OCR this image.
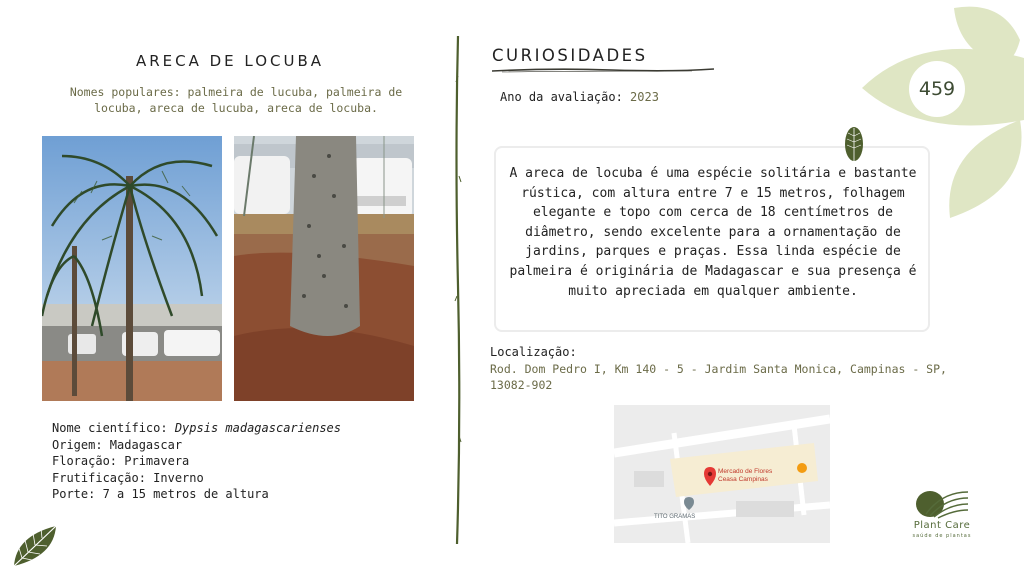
ARECA DE LOCUBA
Nomes populares: palmeira de lucuba, palmeira de locuba, areca de lucuba, areca de locuba.
Nome científico: Dypsis madagascarienses
Origem: Madagascar
Floração: Primavera
Frutificação: Inverno
Porte: 7 a 15 metros de altura
CURIOSIDADES
Ano da avaliação: 2023
A areca de locuba é uma espécie solitária e bastante rústica, com altura entre 7 e 15 metros, folhagem elegante e topo com cerca de 18 centímetros de diâmetro, sendo excelente para a ornamentação de jardins, parques e praças. Essa linda espécie de palmeira é originária de Madagascar e sua presença é muito apreciada em qualquer ambiente.
Localização:
Rod. Dom Pedro I, Km 140 - 5 - Jardim Santa Monica, Campinas - SP, 13082-902
Mercado de Flores
Ceasa Campinas
TITO GRAMAS
459
Plant Care
saúde de plantas
